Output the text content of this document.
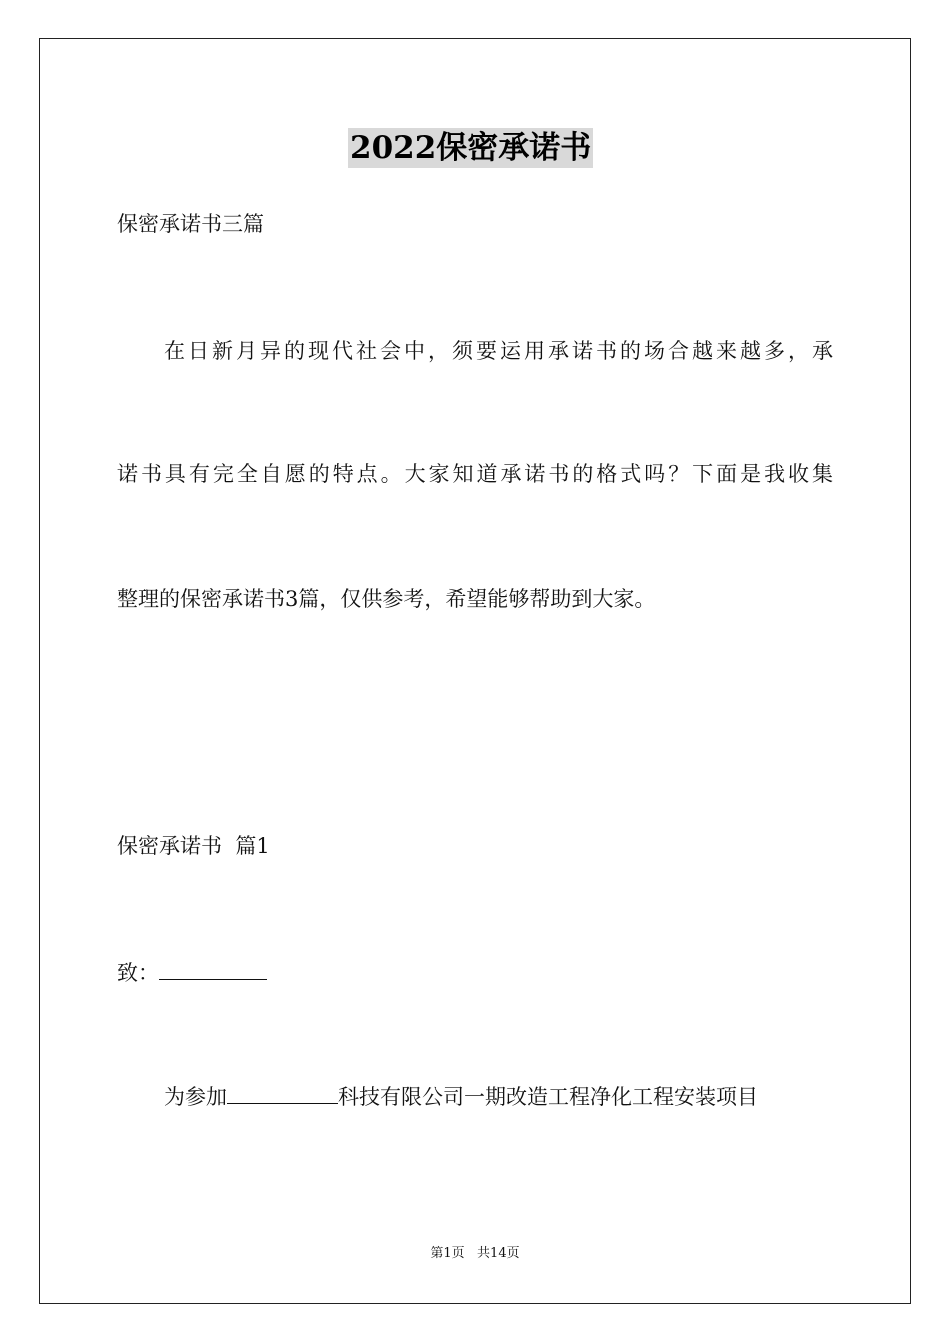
2022保密承诺书
保密承诺书三篇
在日新月异的现代社会中，须要运用承诺书的场合越来越多，承
诺书具有完全自愿的特点。大家知道承诺书的格式吗？下面是我收集
整理的保密承诺书3篇，仅供参考，希望能够帮助到大家。
保密承诺书  篇1
致：
为参加	科技有限公司一期改造工程净化工程安装项目
第1页   共14页
